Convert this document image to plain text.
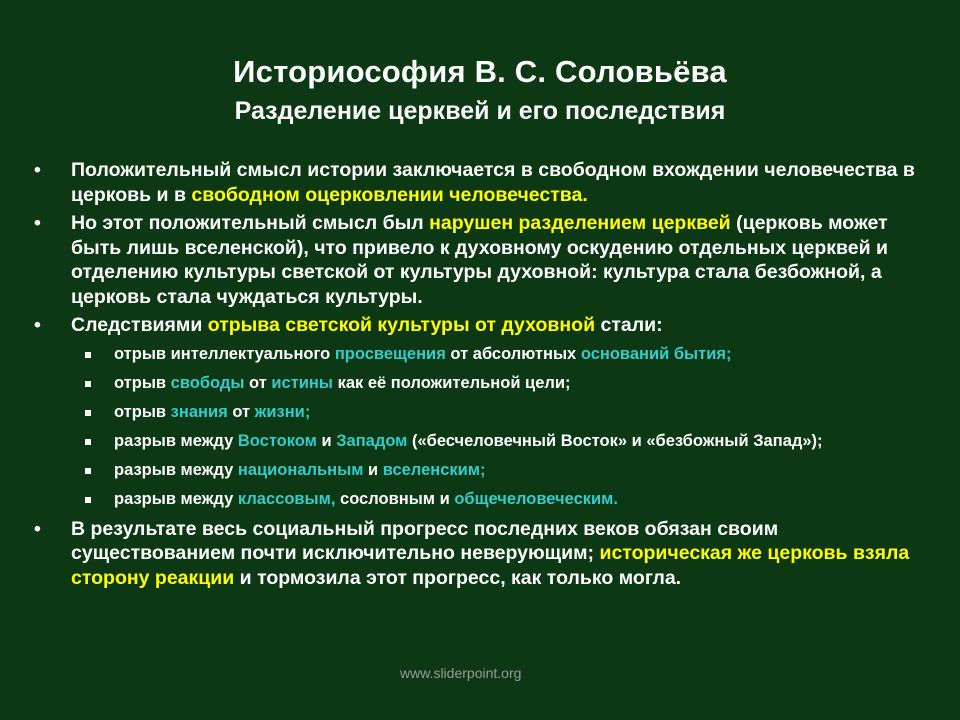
Историософия В. С. Соловьёва
Разделение церквей и его последствия
• Положительный смысл истории заключается в свободном вхождении человечества в церковь и в свободном оцерковлении человечества.
• Но этот положительный смысл был нарушен разделением церквей (церковь может быть лишь вселенской), что привело к духовному оскудению отдельных церквей и отделению культуры светской от культуры духовной: культура стала безбожной, а церковь стала чуждаться культуры.
• Следствиями отрыва светской культуры от духовной стали:
отрыв интеллектуального просвещения от абсолютных оснований бытия;
отрыв свободы от истины как её положительной цели;
отрыв знания от жизни;
разрыв между Востоком и Западом («бесчеловечный Восток» и «безбожный Запад»);
разрыв между национальным и вселенским;
разрыв между классовым, сословным и общечеловеческим.
• В результате весь социальный прогресс последних веков обязан своим существованием почти исключительно неверующим; историческая же церковь взяла сторону реакции и тормозила этот прогресс, как только могла.
www.sliderpoint.org
